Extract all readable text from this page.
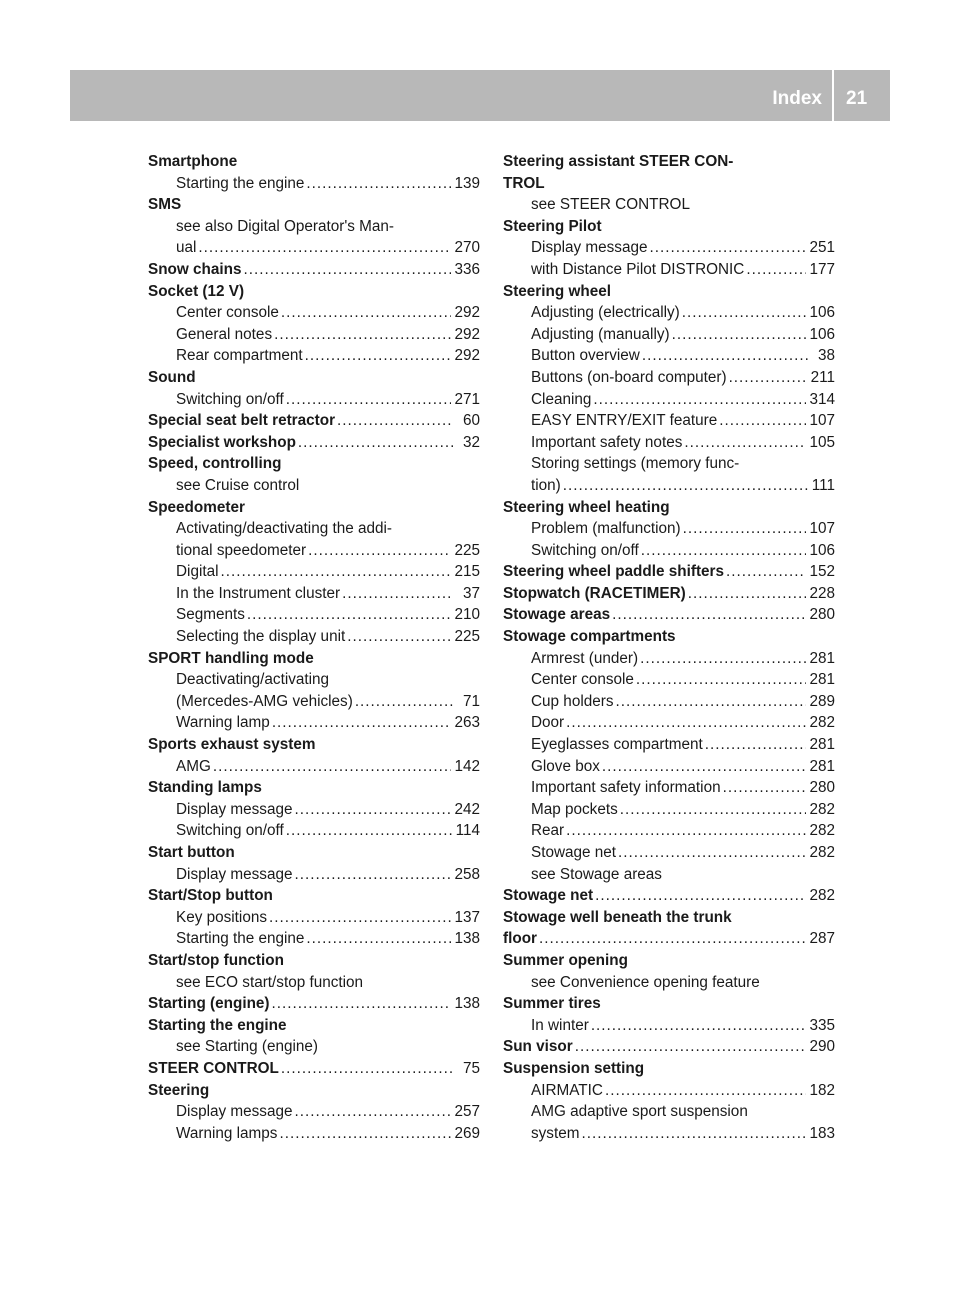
Index 21
Smartphone
Starting the engine .....	139
SMS
see also Digital Operator's Man-
ual .....	270
Snow chains .....	336
Socket (12 V)
Center console .....	292
General notes .....	292
Rear compartment .....	292
Sound
Switching on/off .....	271
Special seat belt retractor .....	60
Specialist workshop .....	32
Speed, controlling
see Cruise control
Speedometer
Activating/deactivating the addi-
tional speedometer .....	225
Digital .....	215
In the Instrument cluster .....	37
Segments .....	210
Selecting the display unit .....	225
SPORT handling mode
Deactivating/activating
(Mercedes-AMG vehicles) .....	71
Warning lamp .....	263
Sports exhaust system
AMG .....	142
Standing lamps
Display message .....	242
Switching on/off .....	114
Start button
Display message .....	258
Start/Stop button
Key positions .....	137
Starting the engine .....	138
Start/stop function
see ECO start/stop function
Starting (engine) .....	138
Starting the engine
see Starting (engine)
STEER CONTROL .....	75
Steering
Display message .....	257
Warning lamps .....	269
Steering assistant STEER CON-
TROL
see STEER CONTROL
Steering Pilot
Display message .....	251
with Distance Pilot DISTRONIC .....	177
Steering wheel
Adjusting (electrically) .....	106
Adjusting (manually) .....	106
Button overview .....	38
Buttons (on-board computer) .....	211
Cleaning .....	314
EASY ENTRY/EXIT feature .....	107
Important safety notes .....	105
Storing settings (memory func-
tion) .....	111
Steering wheel heating
Problem (malfunction) .....	107
Switching on/off .....	106
Steering wheel paddle shifters .....	152
Stopwatch (RACETIMER) .....	228
Stowage areas .....	280
Stowage compartments
Armrest (under) .....	281
Center console .....	281
Cup holders .....	289
Door .....	282
Eyeglasses compartment .....	281
Glove box .....	281
Important safety information .....	280
Map pockets .....	282
Rear .....	282
Stowage net .....	282
see Stowage areas
Stowage net .....	282
Stowage well beneath the trunk
floor .....	287
Summer opening
see Convenience opening feature
Summer tires
In winter .....	335
Sun visor .....	290
Suspension setting
AIRMATIC .....	182
AMG adaptive sport suspension
system .....	183
